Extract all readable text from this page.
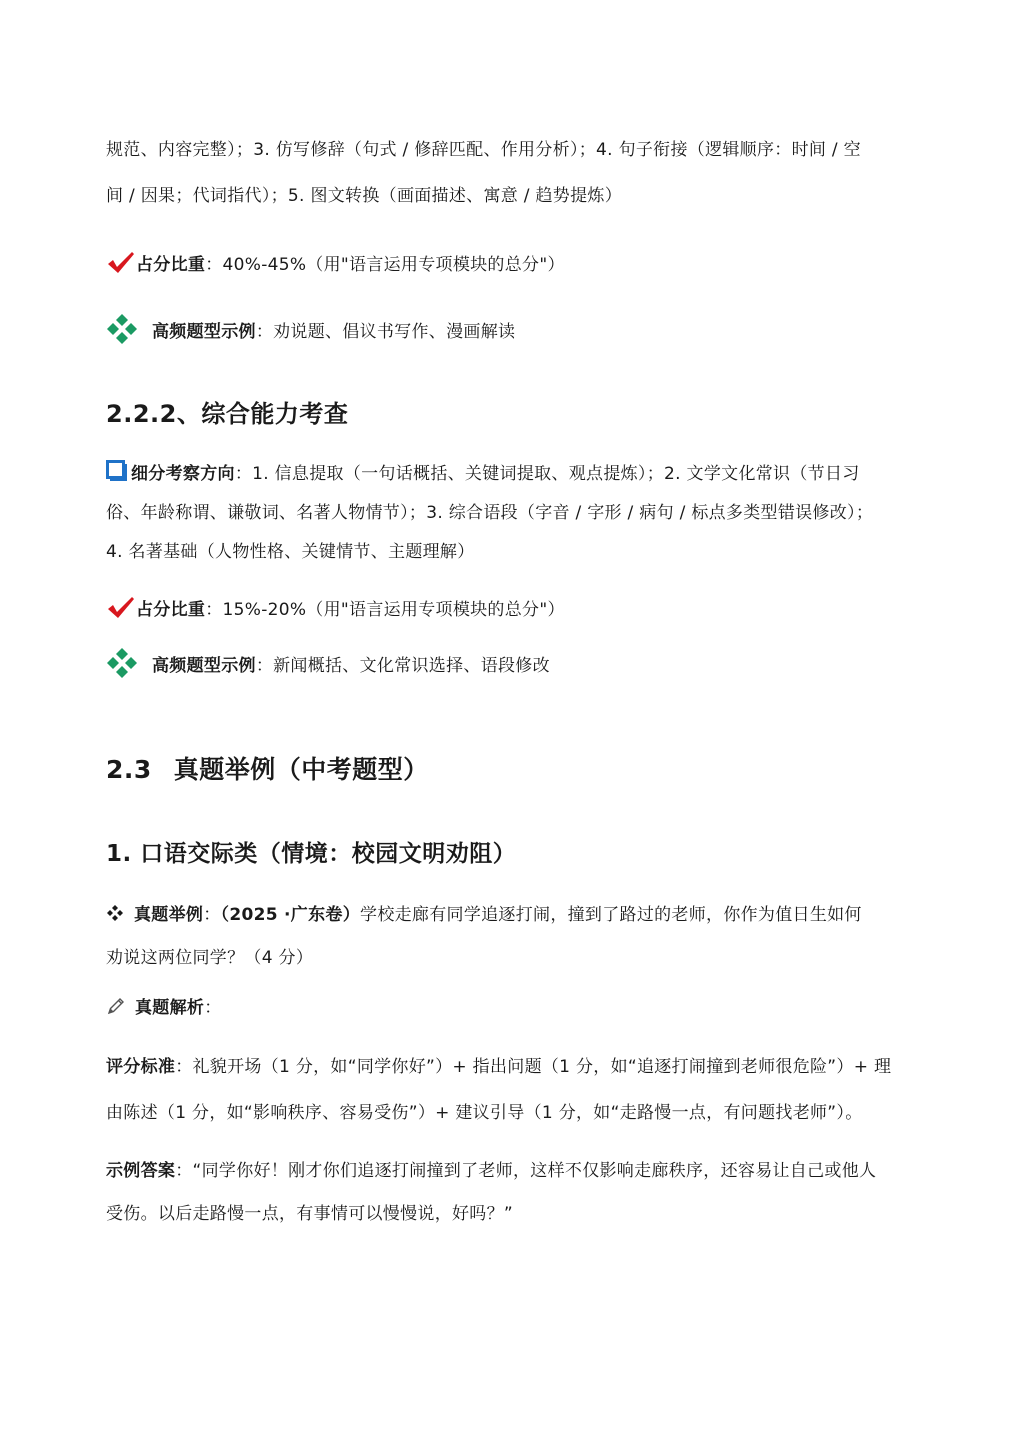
规范、内容完整）；3. 仿写修辞（句式 / 修辞匹配、作用分析）；4. 句子衔接（逻辑顺序：时间 / 空

间 / 因果；代词指代）；5. 图文转换（画面描述、寓意 / 趋势提炼）

占分比重 ：40%-45%（用"语言运用专项模块的总分"）
高频题型示例 ：劝说题、倡议书写作、漫画解读

2.2.2、综合能力考查

细分考察方向：1. 信息提取（一句话概括、关键词提取、观点提炼）；2. 文学文化常识（节日习

俗、年龄称谓、谦敬词、名著人物情节）；3. 综合语段（字音 / 字形 / 病句 / 标点多类型错误修改）；

4. 名著基础（人物性格、关键情节、主题理解）

占分比重 ：15%-20%（用"语言运用专项模块的总分"）
高频题型示例 ：新闻概括、文化常识选择、语段修改

2.3 真题举例（中考题型）

1. 口语交际类（情境：校园文明劝阻）

真题举例：（2025 ·广东卷）学校走廊有同学追逐打闹，撞到了路过的老师，你作为值日生如何

劝说这两位同学？（4 分）

真题解析：

评分标准：礼貌开场（1 分，如“同学你好”）+ 指出问题（1 分，如“追逐打闹撞到老师很危险”）+ 理

由陈述（1 分，如“影响秩序、容易受伤”）+ 建议引导（1 分，如“走路慢一点，有问题找老师”）。

示例答案：“同学你好！刚才你们追逐打闹撞到了老师，这样不仅影响走廊秩序，还容易让自己或他人

受伤。以后走路慢一点，有事情可以慢慢说，好吗？”
